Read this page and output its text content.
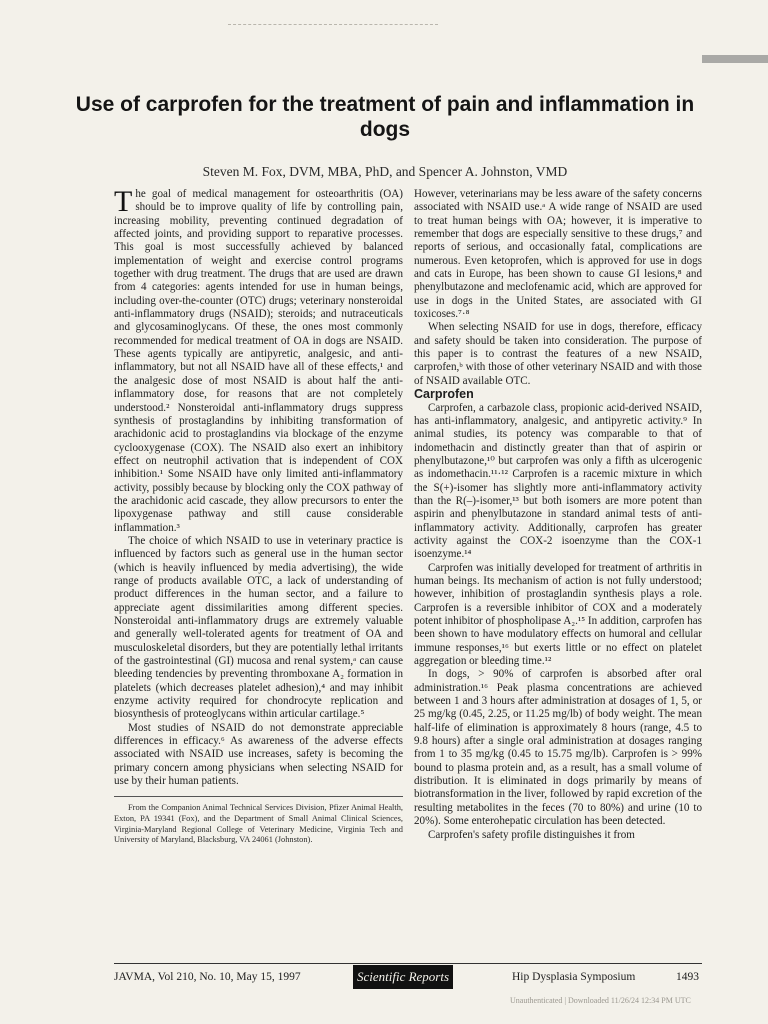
Use of carprofen for the treatment of pain and inflammation in dogs
Steven M. Fox, DVM, MBA, PhD, and Spencer A. Johnston, VMD

The goal of medical management for osteoarthritis (OA) should be to improve quality of life by controlling pain, increasing mobility, preventing continued degradation of affected joints, and providing support to reparative processes. This goal is most successfully achieved by balanced implementation of weight and exercise control programs together with drug treatment. The drugs that are used are drawn from 4 categories: agents intended for use in human beings, including over-the-counter (OTC) drugs; veterinary nonsteroidal anti-inflammatory drugs (NSAID); steroids; and nutraceuticals and glycosaminoglycans. Of these, the ones most commonly recommended for medical treatment of OA in dogs are NSAID. These agents typically are antipyretic, analgesic, and anti-inflammatory, but not all NSAID have all of these effects,¹ and the analgesic dose of most NSAID is about half the anti-inflammatory dose, for reasons that are not completely understood.² Nonsteroidal anti-inflammatory drugs suppress synthesis of prostaglandins by inhibiting transformation of arachidonic acid to prostaglandins via blockage of the enzyme cyclooxygenase (COX). The NSAID also exert an inhibitory effect on neutrophil activation that is independent of COX inhibition.¹ Some NSAID have only limited anti-inflammatory activity, possibly because by blocking only the COX pathway of the arachidonic acid cascade, they allow precursors to enter the lipoxygenase pathway and still cause considerable inflammation.³

The choice of which NSAID to use in veterinary practice is influenced by factors such as general use in the human sector (which is heavily influenced by media advertising), the wide range of products available OTC, a lack of understanding of product differences in the human sector, and a failure to appreciate agent dissimilarities among different species. Nonsteroidal anti-inflammatory drugs are extremely valuable and generally well-tolerated agents for treatment of OA and musculoskeletal disorders, but they are potentially lethal irritants of the gastrointestinal (GI) mucosa and renal system,ᵃ can cause bleeding tendencies by preventing thromboxane A₂ formation in platelets (which decreases platelet adhesion),⁴ and may inhibit enzyme activity required for chondrocyte replication and biosynthesis of proteoglycans within articular cartilage.⁵

Most studies of NSAID do not demonstrate appreciable differences in efficacy.⁶ As awareness of the adverse effects associated with NSAID use increases, safety is becoming the primary concern among physicians when selecting NSAID for use by their human patients.

From the Companion Animal Technical Services Division, Pfizer Animal Health, Exton, PA 19341 (Fox), and the Department of Small Animal Clinical Sciences, Virginia-Maryland Regional College of Veterinary Medicine, Virginia Tech and University of Maryland, Blacksburg, VA 24061 (Johnston).

However, veterinarians may be less aware of the safety concerns associated with NSAID use.ᵃ A wide range of NSAID are used to treat human beings with OA; however, it is imperative to remember that dogs are especially sensitive to these drugs,⁷ and reports of serious, and occasionally fatal, complications are numerous. Even ketoprofen, which is approved for use in dogs and cats in Europe, has been shown to cause GI lesions,⁸ and phenylbutazone and meclofenamic acid, which are approved for use in dogs in the United States, are associated with GI toxicoses.⁷·⁸

When selecting NSAID for use in dogs, therefore, efficacy and safety should be taken into consideration. The purpose of this paper is to contrast the features of a new NSAID, carprofen,ᵇ with those of other veterinary NSAID and with those of NSAID available OTC.

Carprofen

Carprofen, a carbazole class, propionic acid-derived NSAID, has anti-inflammatory, analgesic, and antipyretic activity.⁹ In animal studies, its potency was comparable to that of indomethacin and distinctly greater than that of aspirin or phenylbutazone,¹⁰ but carprofen was only a fifth as ulcerogenic as indomethacin.¹¹·¹² Carprofen is a racemic mixture in which the S(+)-isomer has slightly more anti-inflammatory activity than the R(–)-isomer,¹³ but both isomers are more potent than aspirin and phenylbutazone in standard animal tests of anti-inflammatory activity. Additionally, carprofen has greater activity against the COX-2 isoenzyme than the COX-1 isoenzyme.¹⁴

Carprofen was initially developed for treatment of arthritis in human beings. Its mechanism of action is not fully understood; however, inhibition of prostaglandin synthesis plays a role. Carprofen is a reversible inhibitor of COX and a moderately potent inhibitor of phospholipase A₂.¹⁵ In addition, carprofen has been shown to have modulatory effects on humoral and cellular immune responses,¹⁶ but exerts little or no effect on platelet aggregation or bleeding time.¹²

In dogs, > 90% of carprofen is absorbed after oral administration.¹⁶ Peak plasma concentrations are achieved between 1 and 3 hours after administration at dosages of 1, 5, or 25 mg/kg (0.45, 2.25, or 11.25 mg/lb) of body weight. The mean half-life of elimination is approximately 8 hours (range, 4.5 to 9.8 hours) after a single oral administration at dosages ranging from 1 to 35 mg/kg (0.45 to 15.75 mg/lb). Carprofen is > 99% bound to plasma protein and, as a result, has a small volume of distribution. It is eliminated in dogs primarily by means of biotransformation in the liver, followed by rapid excretion of the resulting metabolites in the feces (70 to 80%) and urine (10 to 20%). Some enterohepatic circulation has been detected.

Carprofen's safety profile distinguishes it from

JAVMA, Vol 210, No. 10, May 15, 1997	Scientific Reports	Hip Dysplasia Symposium	1493
Unauthenticated | Downloaded 11/26/24 12:34 PM UTC
